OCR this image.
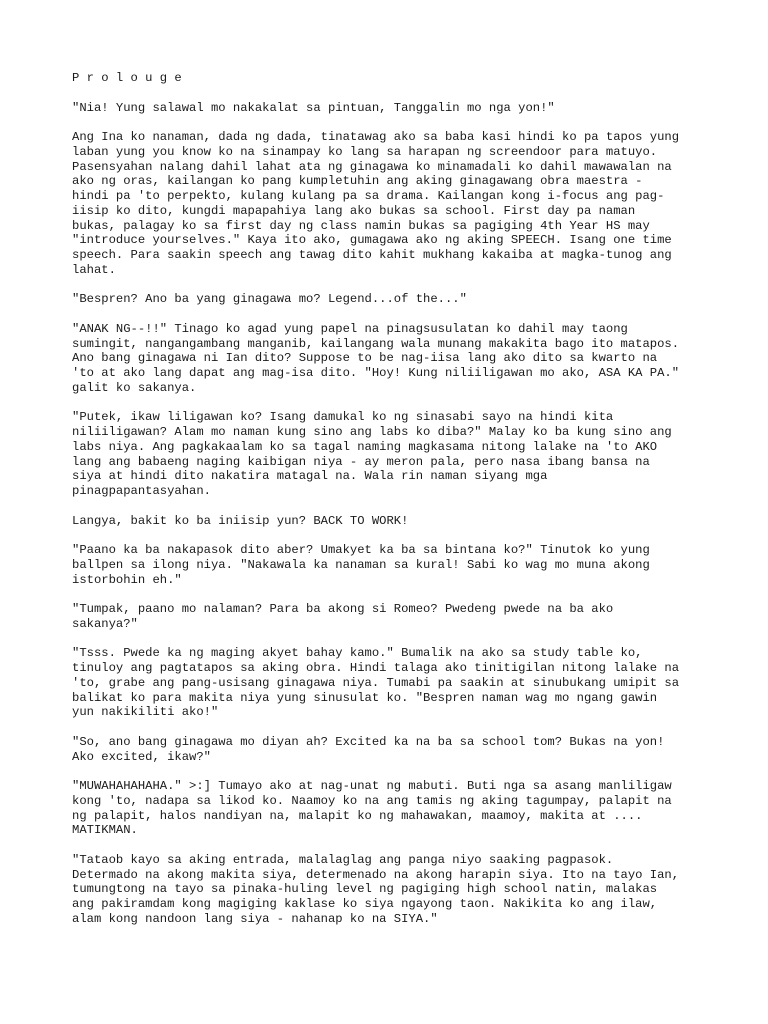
P r o l o u g e

"Nia! Yung salawal mo nakakalat sa pintuan, Tanggalin mo nga yon!"

Ang Ina ko nanaman, dada ng dada, tinatawag ako sa baba kasi hindi ko pa tapos yung
laban yung you know ko na sinampay ko lang sa harapan ng screendoor para matuyo.
Pasensyahan nalang dahil lahat ata ng ginagawa ko minamadali ko dahil mawawalan na
ako ng oras, kailangan ko pang kumpletuhin ang aking ginagawang obra maestra -
hindi pa 'to perpekto, kulang kulang pa sa drama. Kailangan kong i-focus ang pag-
iisip ko dito, kungdi mapapahiya lang ako bukas sa school. First day pa naman
bukas, palagay ko sa first day ng class namin bukas sa pagiging 4th Year HS may
"introduce yourselves." Kaya ito ako, gumagawa ako ng aking SPEECH. Isang one time
speech. Para saakin speech ang tawag dito kahit mukhang kakaiba at magka-tunog ang
lahat.

"Bespren? Ano ba yang ginagawa mo? Legend...of the..."

"ANAK NG--!!" Tinago ko agad yung papel na pinagsusulatan ko dahil may taong
sumingit, nangangambang manganib, kailangang wala munang makakita bago ito matapos.
Ano bang ginagawa ni Ian dito? Suppose to be nag-iisa lang ako dito sa kwarto na
'to at ako lang dapat ang mag-isa dito. "Hoy! Kung niliiligawan mo ako, ASA KA PA."
galit ko sakanya.

"Putek, ikaw liligawan ko? Isang damukal ko ng sinasabi sayo na hindi kita
niliiligawan? Alam mo naman kung sino ang labs ko diba?" Malay ko ba kung sino ang
labs niya. Ang pagkakaalam ko sa tagal naming magkasama nitong lalake na 'to AKO
lang ang babaeng naging kaibigan niya - ay meron pala, pero nasa ibang bansa na
siya at hindi dito nakatira matagal na. Wala rin naman siyang mga
pinagpapantasyahan.

Langya, bakit ko ba iniisip yun? BACK TO WORK!

"Paano ka ba nakapasok dito aber? Umakyet ka ba sa bintana ko?" Tinutok ko yung
ballpen sa ilong niya. "Nakawala ka nanaman sa kural! Sabi ko wag mo muna akong
istorbohin eh."

"Tumpak, paano mo nalaman? Para ba akong si Romeo? Pwedeng pwede na ba ako
sakanya?"

"Tsss. Pwede ka ng maging akyet bahay kamo." Bumalik na ako sa study table ko,
tinuloy ang pagtatapos sa aking obra. Hindi talaga ako tinitigilan nitong lalake na
'to, grabe ang pang-usisang ginagawa niya. Tumabi pa saakin at sinubukang umipit sa
balikat ko para makita niya yung sinusulat ko. "Bespren naman wag mo ngang gawin
yun nakikiliti ako!"

"So, ano bang ginagawa mo diyan ah? Excited ka na ba sa school tom? Bukas na yon!
Ako excited, ikaw?"

"MUWAHAHAHAHA." >:] Tumayo ako at nag-unat ng mabuti. Buti nga sa asang manliligaw
kong 'to, nadapa sa likod ko. Naamoy ko na ang tamis ng aking tagumpay, palapit na
ng palapit, halos nandiyan na, malapit ko ng mahawakan, maamoy, makita at ....
MATIKMAN.

"Tataob kayo sa aking entrada, malalaglag ang panga niyo saaking pagpasok.
Determado na akong makita siya, determenado na akong harapin siya. Ito na tayo Ian,
tumungtong na tayo sa pinaka-huling level ng pagiging high school natin, malakas
ang pakiramdam kong magiging kaklase ko siya ngayong taon. Nakikita ko ang ilaw,
alam kong nandoon lang siya - nahanap ko na SIYA."
